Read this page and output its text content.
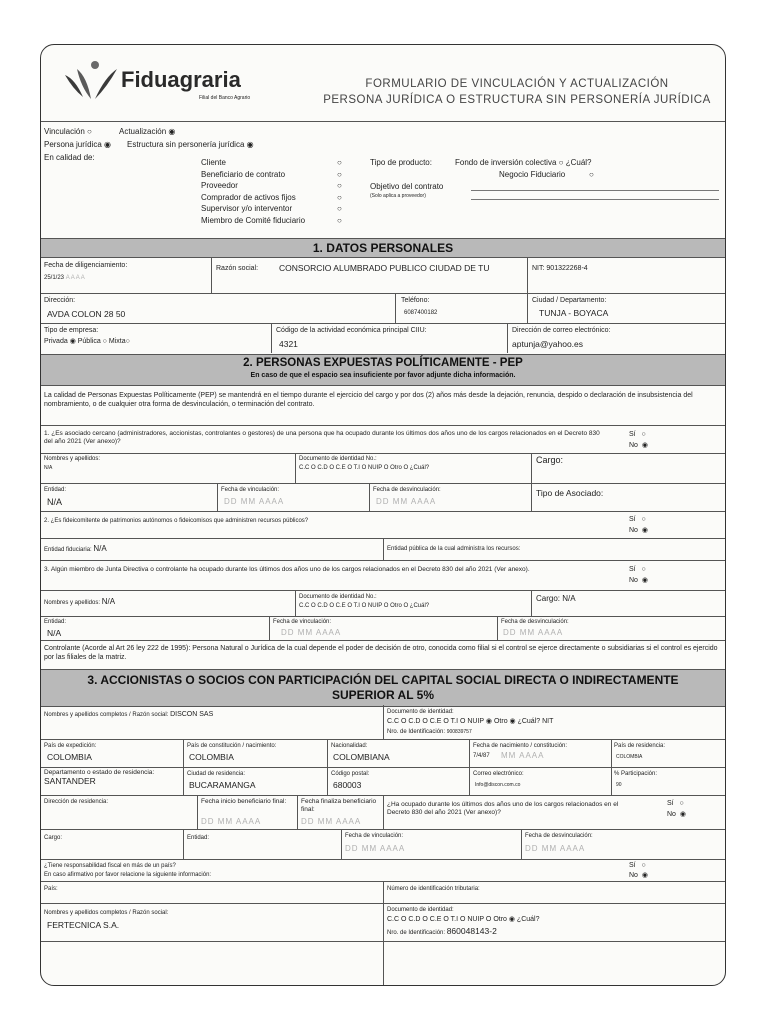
Fiduagraria
Filial del Banco Agrario
FORMULARIO DE VINCULACIÓN Y ACTUALIZACIÓN
PERSONA JURÍDICA O ESTRUCTURA SIN PERSONERÍA JURÍDICA
Vinculación ○	Actualización ◉
Persona jurídica ◉ Estructura sin personería jurídica ◉
En calidad de:
Cliente	○
Beneficiario de contrato	○
Proveedor	○
Comprador de activos fijos	○
Supervisor y/o interventor	○
Miembro de Comité fiduciario	○
Tipo de producto:	Fondo de inversión colectiva ○ ¿Cuál?
Negocio Fiduciario	○
Objetivo del contrato
(Solo aplica a proveedor)
1. DATOS PERSONALES
Fecha de diligenciamiento:
25/1/23 AAAA
Razón social: CONSORCIO ALUMBRADO PUBLICO CIUDAD DE TU	NIT: 901322268-4
Dirección:
AVDA COLON 28 50
Teléfono:
6087400182
Ciudad / Departamento:
TUNJA - BOYACA
Tipo de empresa:
Privada ◉ Pública ○ Mixta○
Código de la actividad económica principal CIIU:
4321
Dirección de correo electrónico:
aptunja@yahoo.es
2. PERSONAS EXPUESTAS POLÍTICAMENTE - PEP
En caso de que el espacio sea insuficiente por favor adjunte dicha información.
La calidad de Personas Expuestas Políticamente (PEP) se mantendrá en el tiempo durante el ejercicio del cargo y por dos (2) años más desde la dejación, renuncia, despido o declaración de insubsistencia del nombramiento, o de cualquier otra forma de desvinculación, o terminación del contrato.
1. ¿Es asociado cercano (administradores, accionistas, controlantes o gestores) de una persona que ha ocupado durante los últimos dos años uno de los cargos relacionados en el Decreto 830 del año 2021 (Ver anexo)?
Sí   ○
No  ◉
Nombres y apellidos:
N/A
Documento de identidad No.:
C.C O C.D O C.E O T.I O NUIP O Otro O ¿Cuál?
Cargo:
Entidad:
N/A
Fecha de vinculación:
DD MM AAAA
Fecha de desvinculación:
DD MM AAAA
Tipo de Asociado:
2. ¿Es fideicomitente de patrimonios autónomos o fideicomisos que administren recursos públicos?	Sí   ○
No  ◉
Entidad fiduciaria: N/A	Entidad pública de la cual administra los recursos:
3. Algún miembro de Junta Directiva o controlante ha ocupado durante los últimos dos años uno de los cargos relacionados en el Decreto 830 del año 2021 (Ver anexo).	Sí   ○
No  ◉
Nombres y apellidos: N/A	Documento de identidad No.:
C.C O C.D O C.E O T.I O NUIP O Otro O ¿Cuál?
Cargo: N/A
Entidad:
N/A
Fecha de vinculación:
DD MM AAAA
Fecha de desvinculación:
DD MM AAAA
Controlante (Acorde al Art 26 ley 222 de 1995): Persona Natural o Jurídica de la cual depende el poder de decisión de otro, conocida como filial si el control se ejerce directamente o subsidiarias si el control es ejercido por las filiales de la matriz.
3. ACCIONISTAS O SOCIOS CON PARTICIPACIÓN DEL CAPITAL SOCIAL DIRECTA O INDIRECTAMENTE
SUPERIOR AL 5%
Nombres y apellidos completos / Razón social: DISCON SAS	Documento de identidad:
C.C O C.D O C.E O T.I O NUIP ◉ Otro ◉ ¿Cuál? NIT
Nro. de Identificación: 900839757
País de expedición:
COLOMBIA
País de constitución / nacimiento:
COLOMBIA
Nacionalidad:
COLOMBIANA
Fecha de nacimiento / constitución:
7/4/87 MM AAAA
País de residencia:
COLOMBIA
Departamento o estado de residencia: SANTANDER
Ciudad de residencia:
BUCARAMANGA
Código postal:
680003
Correo electrónico:
Info@discon.com.co
% Participación:
90
Dirección de residencia:	Fecha inicio beneficiario final:
DD MM AAAA
Fecha finaliza beneficiario final:
DD MM AAAA
¿Ha ocupado durante los últimos dos años uno de los cargos relacionados en el Decreto 830 del año 2021 (Ver anexo)?
Sí   ○
No  ◉
Cargo:	Entidad:	Fecha de vinculación:
DD MM AAAA
Fecha de desvinculación:
DD MM AAAA
¿Tiene responsabilidad fiscal en más de un país?
En caso afirmativo por favor relacione la siguiente información:
Sí   ○
No  ◉
País:	Número de identificación tributaria:
Nombres y apellidos completos / Razón social:
FERTECNICA S.A.
Documento de identidad:
C.C O C.D O C.E O T.I O NUIP O Otro ◉ ¿Cuál?
Nro. de Identificación: 860048143-2
